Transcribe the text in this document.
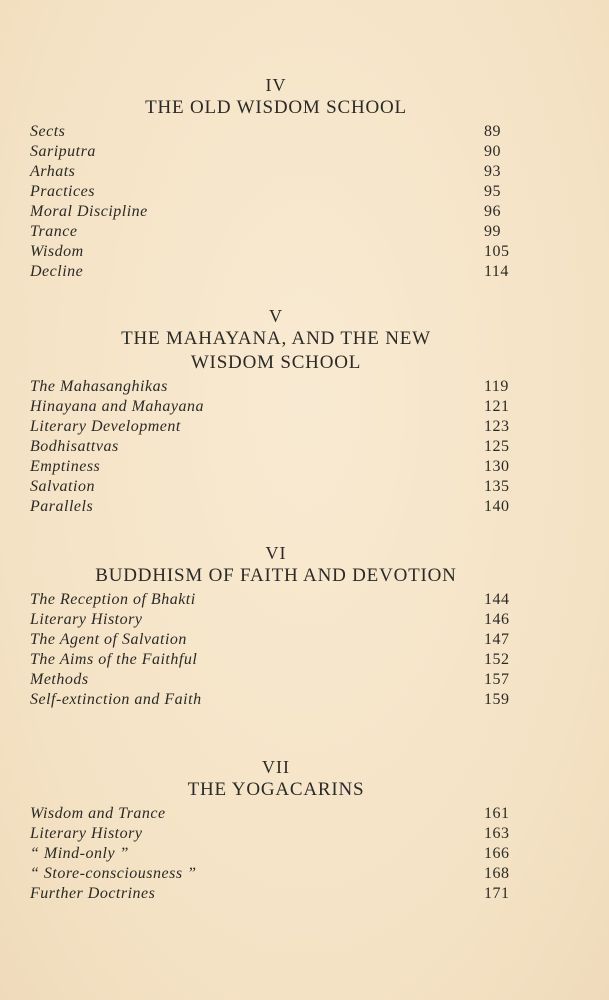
IV
THE OLD WISDOM SCHOOL
Sects	89
Sariputra	90
Arhats	93
Practices	95
Moral Discipline	96
Trance	99
Wisdom	105
Decline	114
V
THE MAHAYANA, AND THE NEW
WISDOM SCHOOL
The Mahasanghikas	119
Hinayana and Mahayana	121
Literary Development	123
Bodhisattvas	125
Emptiness	130
Salvation	135
Parallels	140
VI
BUDDHISM OF FAITH AND DEVOTION
The Reception of Bhakti	144
Literary History	146
The Agent of Salvation	147
The Aims of the Faithful	152
Methods	157
Self-extinction and Faith	159
VII
THE YOGACARINS
Wisdom and Trance	161
Literary History	163
“ Mind-only ”	166
“ Store-consciousness ”	168
Further Doctrines	171
